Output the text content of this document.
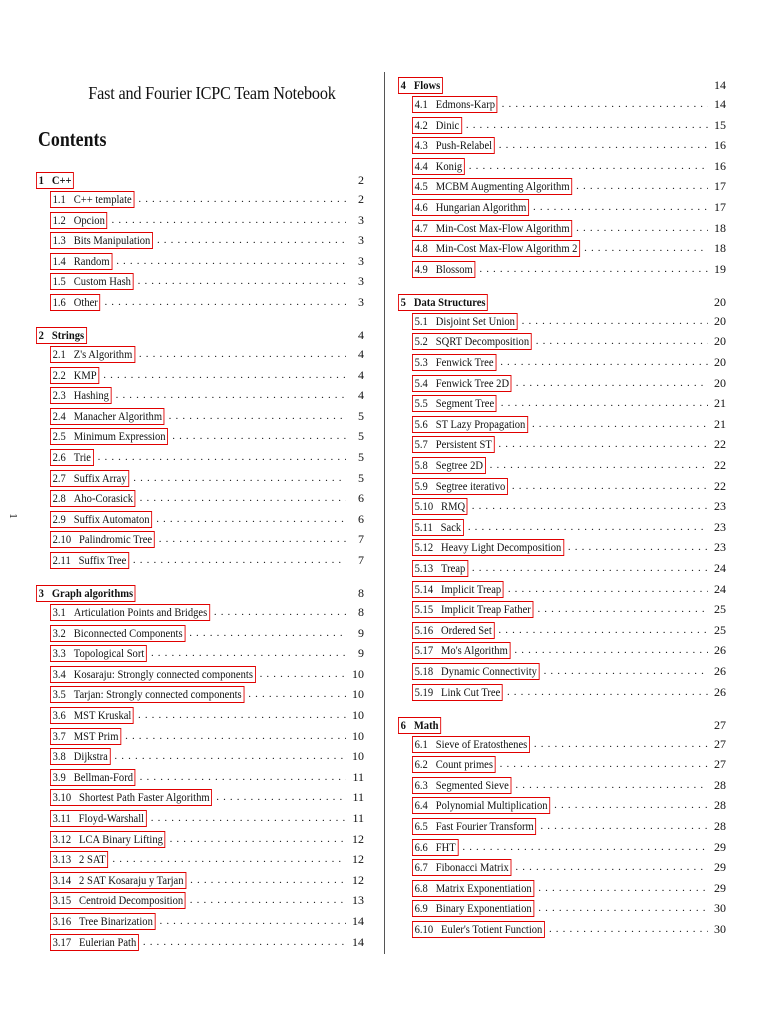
Fast and Fourier ICPC Team Notebook
Contents
1
1 C++	2
1.1 C++ template .....	2
1.2 Opcion .....	3
1.3 Bits Manipulation .....	3
1.4 Random .....	3
1.5 Custom Hash .....	3
1.6 Other .....	3
2 Strings	4
2.1 Z's Algorithm .....	4
2.2 KMP .....	4
2.3 Hashing .....	4
2.4 Manacher Algorithm .....	5
2.5 Minimum Expression .....	5
2.6 Trie .....	5
2.7 Suffix Array .....	5
2.8 Aho-Corasick .....	6
2.9 Suffix Automaton .....	6
2.10 Palindromic Tree .....	7
2.11 Suffix Tree .....	7
3 Graph algorithms	8
3.1 Articulation Points and Bridges .....	8
3.2 Biconnected Components .....	9
3.3 Topological Sort .....	9
3.4 Kosaraju: Strongly connected components .....	10
3.5 Tarjan: Strongly connected components .....	10
3.6 MST Kruskal .....	10
3.7 MST Prim .....	10
3.8 Dijkstra .....	10
3.9 Bellman-Ford .....	11
3.10 Shortest Path Faster Algorithm .....	11
3.11 Floyd-Warshall .....	11
3.12 LCA Binary Lifting .....	12
3.13 2 SAT .....	12
3.14 2 SAT Kosaraju y Tarjan .....	12
3.15 Centroid Decomposition .....	13
3.16 Tree Binarization .....	14
3.17 Eulerian Path .....	14
4 Flows	14
4.1 Edmons-Karp .....	14
4.2 Dinic .....	15
4.3 Push-Relabel .....	16
4.4 Konig .....	16
4.5 MCBM Augmenting Algorithm .....	17
4.6 Hungarian Algorithm .....	17
4.7 Min-Cost Max-Flow Algorithm .....	18
4.8 Min-Cost Max-Flow Algorithm 2 .....	18
4.9 Blossom .....	19
5 Data Structures	20
5.1 Disjoint Set Union .....	20
5.2 SQRT Decomposition .....	20
5.3 Fenwick Tree .....	20
5.4 Fenwick Tree 2D .....	20
5.5 Segment Tree .....	21
5.6 ST Lazy Propagation .....	21
5.7 Persistent ST .....	22
5.8 Segtree 2D .....	22
5.9 Segtree iterativo .....	22
5.10 RMQ .....	23
5.11 Sack .....	23
5.12 Heavy Light Decomposition .....	23
5.13 Treap .....	24
5.14 Implicit Treap .....	24
5.15 Implicit Treap Father .....	25
5.16 Ordered Set .....	25
5.17 Mo's Algorithm .....	26
5.18 Dynamic Connectivity .....	26
5.19 Link Cut Tree .....	26
6 Math	27
6.1 Sieve of Eratosthenes .....	27
6.2 Count primes .....	27
6.3 Segmented Sieve .....	28
6.4 Polynomial Multiplication .....	28
6.5 Fast Fourier Transform .....	28
6.6 FHT .....	29
6.7 Fibonacci Matrix .....	29
6.8 Matrix Exponentiation .....	29
6.9 Binary Exponentiation .....	30
6.10 Euler's Totient Function .....	30
